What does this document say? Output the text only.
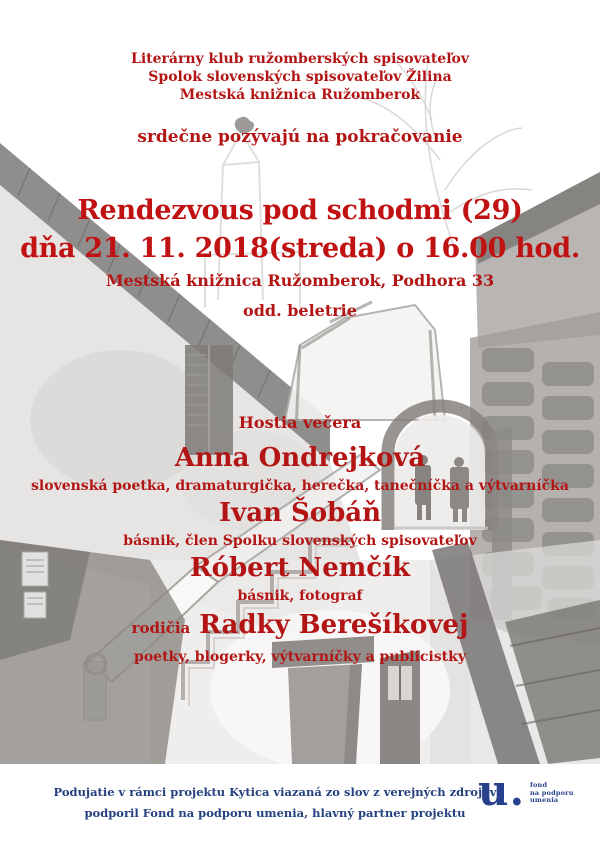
Literárny klub ružomberských spisovateľov
Spolok slovenských spisovateľov Žilina
Mestská knižnica Ružomberok
srdečne pozývajú na pokračovanie
Rendezvous pod schodmi (29)
dňa 21. 11. 2018(streda) o 16.00 hod.
Mestská knižnica Ružomberok, Podhora 33
odd. beletrie
Hostia večera
Anna Ondrejková
slovenská poetka, dramaturgička, herečka, tanečníčka a výtvarníčka
Ivan Šobáň
básnik, člen Spolku slovenských spisovateľov
Róbert Nemčík
básnik, fotograf
rodičia Radky Berešíkovej
poetky, blogerky, výtvarníčky a publicistky
Podujatie v rámci projektu Kytica viazaná zo slov z verejných zdrojov
podporil Fond na podporu umenia, hlavný partner projektu u. fond
na podporu
umenia
